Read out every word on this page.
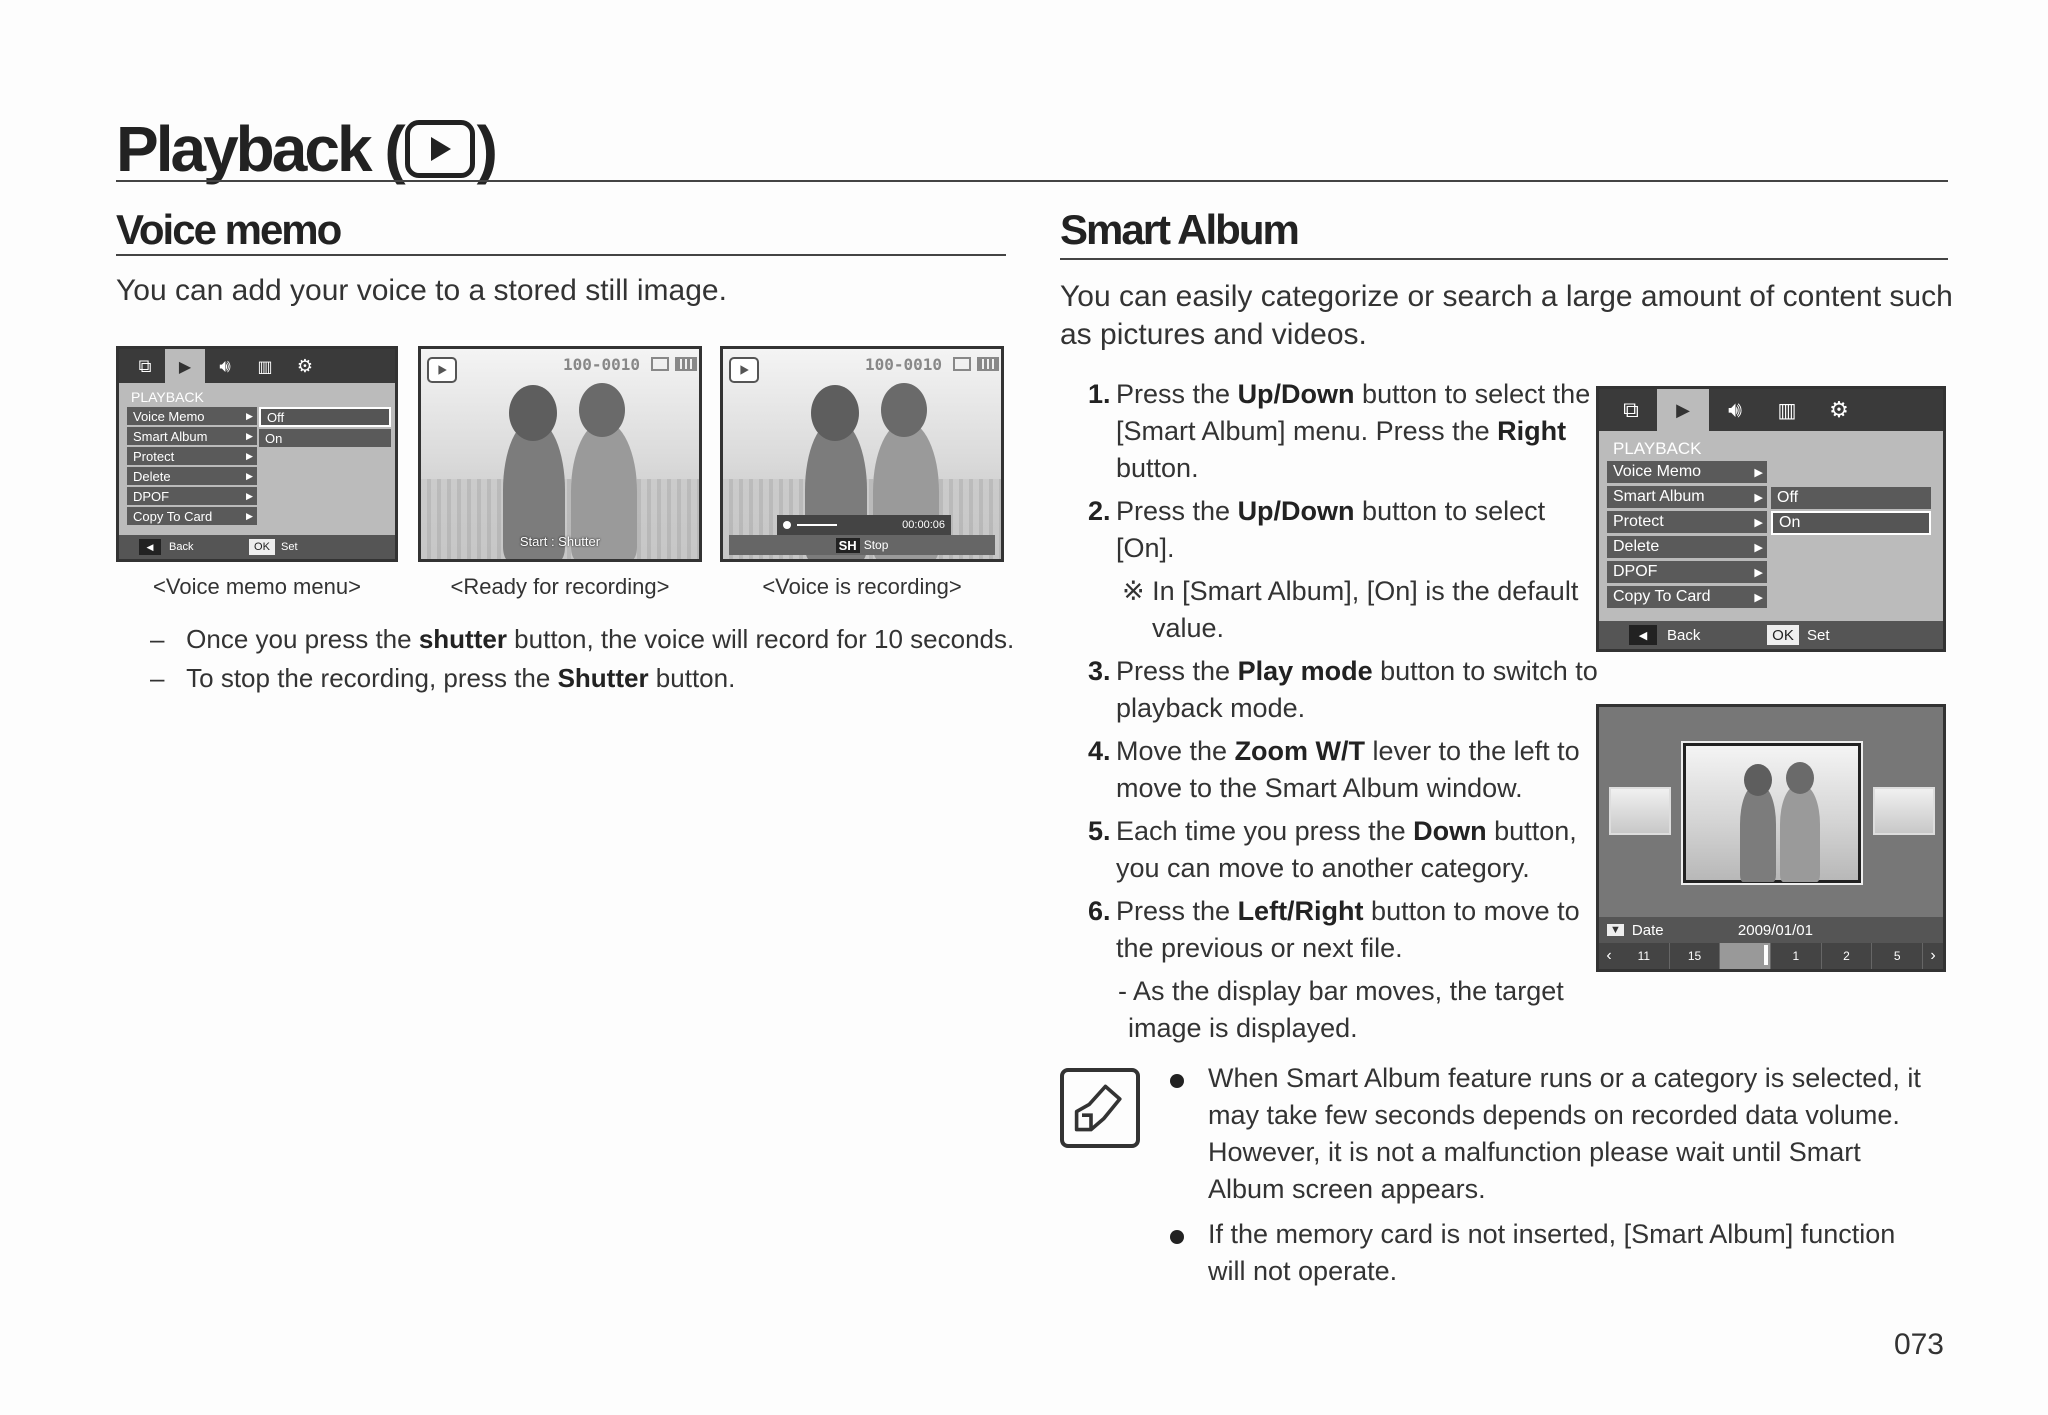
Playback ( )
Voice memo
You can add your voice to a stored still image.
⧉	▶	🔊︎	▥	⚙
PLAYBACK
Voice Memo	▶
Smart Album	▶
Protect	▶
Delete	▶
DPOF	▶
Copy To Card	▶
Off
On
◀	Back	OK	Set
100-0010
Start : Shutter
100-0010
00:00:06
SH Stop
<Voice memo menu>	<Ready for recording>	<Voice is recording>
– Once you press the shutter button, the voice will record for 10 seconds.
– To stop the recording, press the Shutter button.
Smart Album
You can easily categorize or search a large amount of content such
as pictures and videos.
1. Press the Up/Down button to select the [Smart Album] menu. Press the Right button.
2. Press the Up/Down button to select [On].
※ In [Smart Album], [On] is the default value.
3. Press the Play mode button to switch to playback mode.
4. Move the Zoom W/T lever to the left to move to the Smart Album window.
5. Each time you press the Down button, you can move to another category.
6. Press the Left/Right button to move to the previous or next file.
- As the display bar moves, the target image is displayed.
⧉	▶	🔊︎	▥	⚙
PLAYBACK
Voice Memo	▶
Smart Album	▶
Protect	▶
Delete	▶
DPOF	▶
Copy To Card	▶
Off
On
◀	Back	OK Set
▼ Date	2009/01/01
‹	11	15	1	2	5	›
When Smart Album feature runs or a category is selected, it may take few seconds depends on recorded data volume. However, it is not a malfunction please wait until Smart Album screen appears.
If the memory card is not inserted, [Smart Album] function will not operate.
073
